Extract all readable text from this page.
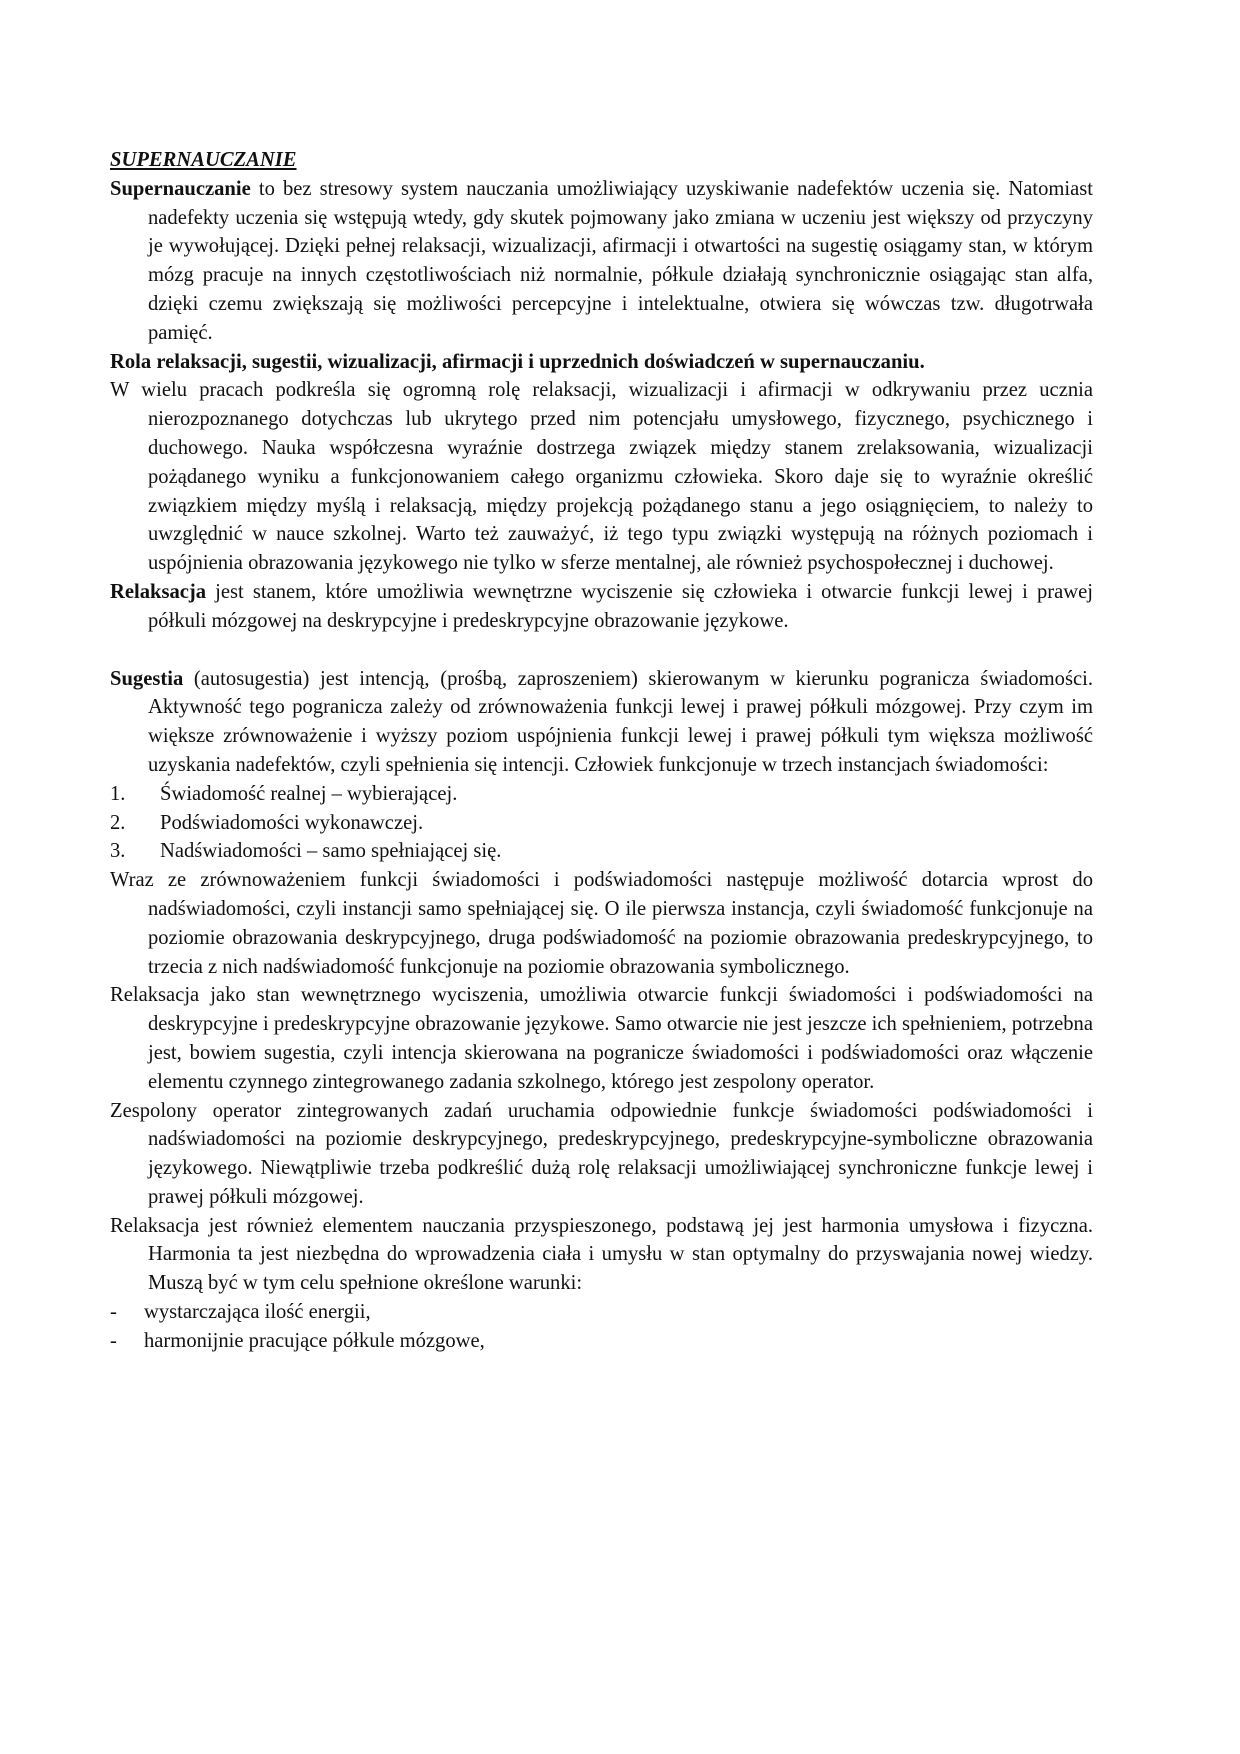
SUPERNAUCZANIE

Supernauczanie to bez stresowy system nauczania umożliwiający uzyskiwanie nadefektów uczenia się. Natomiast nadefekty uczenia się wstępują wtedy, gdy skutek pojmowany jako zmiana w uczeniu jest większy od przyczyny je wywołującej. Dzięki pełnej relaksacji, wizualizacji, afirmacji i otwartości na sugestię osiągamy stan, w którym mózg pracuje na innych częstotliwościach niż normalnie, półkule działają synchronicznie osiągając stan alfa, dzięki czemu zwiększają się możliwości percepcyjne i intelektualne, otwiera się wówczas tzw. długotrwała pamięć.

Rola relaksacji, sugestii, wizualizacji, afirmacji i uprzednich doświadczeń w supernauczaniu.

W wielu pracach podkreśla się ogromną rolę relaksacji, wizualizacji i afirmacji w odkrywaniu przez ucznia nierozpoznanego dotychczas lub ukrytego przed nim potencjału umysłowego, fizycznego, psychicznego i duchowego. Nauka współczesna wyraźnie dostrzega związek między stanem zrelaksowania, wizualizacji pożądanego wyniku a funkcjonowaniem całego organizmu człowieka. Skoro daje się to wyraźnie określić związkiem między myślą i relaksacją, między projekcją pożądanego stanu a jego osiągnięciem, to należy to uwzględnić w nauce szkolnej. Warto też zauważyć, iż tego typu związki występują na różnych poziomach i uspójnienia obrazowania językowego nie tylko w sferze mentalnej, ale również psychospołecznej i duchowej.

Relaksacja jest stanem, które umożliwia wewnętrzne wyciszenie się człowieka i otwarcie funkcji lewej i prawej półkuli mózgowej na deskrypcyjne i predeskrypcyjne obrazowanie językowe.

Sugestia (autosugestia) jest intencją, (prośbą, zaproszeniem) skierowanym w kierunku pogranicza świadomości. Aktywność tego pogranicza zależy od zrównoważenia funkcji lewej i prawej półkuli mózgowej. Przy czym im większe zrównoważenie i wyższy poziom uspójnienia funkcji lewej i prawej półkuli tym większa możliwość uzyskania nadefektów, czyli spełnienia się intencji. Człowiek funkcjonuje w trzech instancjach świadomości:

1. Świadomość realnej – wybierającej.
2. Podświadomości wykonawczej.
3. Nadświadomości – samo spełniającej się.

Wraz ze zrównoważeniem funkcji świadomości i podświadomości następuje możliwość dotarcia wprost do nadświadomości, czyli instancji samo spełniającej się. O ile pierwsza instancja, czyli świadomość funkcjonuje na poziomie obrazowania deskrypcyjnego, druga podświadomość na poziomie obrazowania predeskrypcyjnego, to trzecia z nich nadświadomość funkcjonuje na poziomie obrazowania symbolicznego.

Relaksacja jako stan wewnętrznego wyciszenia, umożliwia otwarcie funkcji świadomości i podświadomości na deskrypcyjne i predeskrypcyjne obrazowanie językowe. Samo otwarcie nie jest jeszcze ich spełnieniem, potrzebna jest, bowiem sugestia, czyli intencja skierowana na pogranicze świadomości i podświadomości oraz włączenie elementu czynnego zintegrowanego zadania szkolnego, którego jest zespolony operator.

Zespolony operator zintegrowanych zadań uruchamia odpowiednie funkcje świadomości podświadomości i nadświadomości na poziomie deskrypcyjnego, predeskrypcyjnego, predeskrypcyjne-symboliczne obrazowania językowego. Niewątpliwie trzeba podkreślić dużą rolę relaksacji umożliwiającej synchroniczne funkcje lewej i prawej półkuli mózgowej.

Relaksacja jest również elementem nauczania przyspieszonego, podstawą jej jest harmonia umysłowa i fizyczna. Harmonia ta jest niezbędna do wprowadzenia ciała i umysłu w stan optymalny do przyswajania nowej wiedzy. Muszą być w tym celu spełnione określone warunki:

- wystarczająca ilość energii,
- harmonijnie pracujące półkule mózgowe,
